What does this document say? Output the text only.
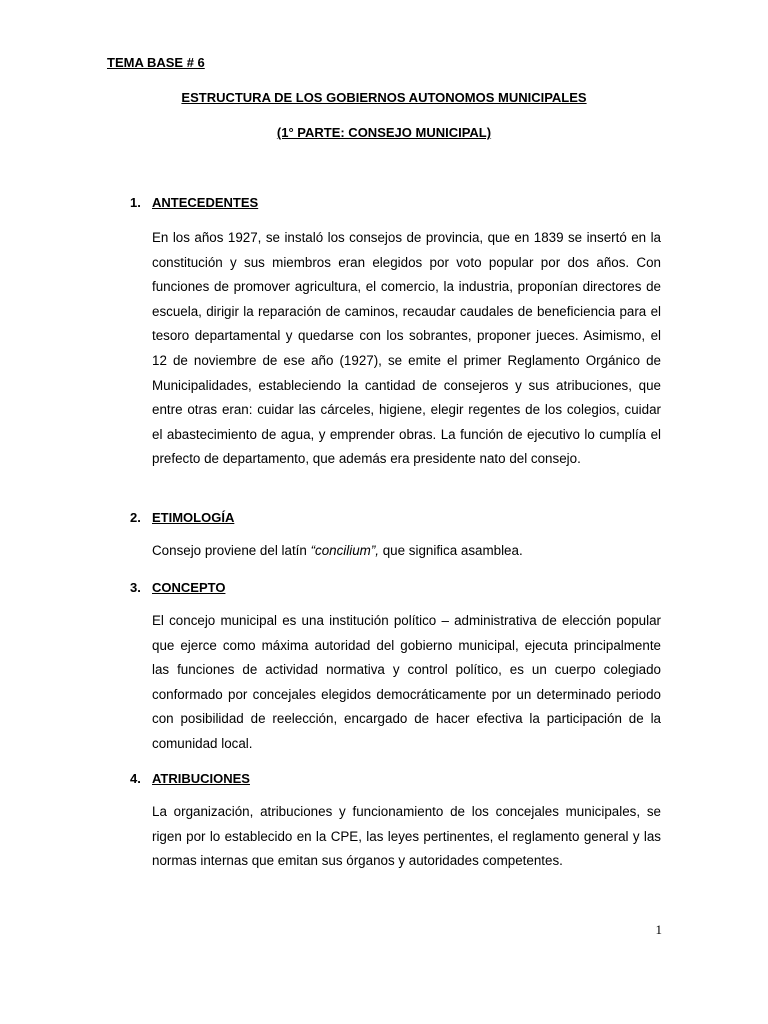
TEMA BASE # 6

ESTRUCTURA DE LOS GOBIERNOS AUTONOMOS MUNICIPALES

(1° PARTE: CONSEJO MUNICIPAL)

1. ANTECEDENTES

En los años 1927, se instaló los consejos de provincia, que en 1839 se insertó en la constitución y sus miembros eran elegidos por voto popular por dos años. Con funciones de promover agricultura, el comercio, la industria, proponían directores de escuela, dirigir la reparación de caminos, recaudar caudales de beneficiencia para el tesoro departamental y quedarse con los sobrantes, proponer jueces. Asimismo, el 12 de noviembre de ese año (1927), se emite el primer Reglamento Orgánico de Municipalidades, estableciendo la cantidad de consejeros y sus atribuciones, que entre otras eran: cuidar las cárceles, higiene, elegir regentes de los colegios, cuidar el abastecimiento de agua, y emprender obras. La función de ejecutivo lo cumplía el prefecto de departamento, que además era presidente nato del consejo.

2. ETIMOLOGÍA

Consejo proviene del latín “concilium”, que significa asamblea.

3. CONCEPTO

El concejo municipal es una institución político – administrativa de elección popular que ejerce como máxima autoridad del gobierno municipal, ejecuta principalmente las funciones de actividad normativa y control político, es un cuerpo colegiado conformado por concejales elegidos democráticamente por un determinado periodo con posibilidad de reelección, encargado de hacer efectiva la participación de la comunidad local.

4. ATRIBUCIONES

La organización, atribuciones y funcionamiento de los concejales municipales, se rigen por lo establecido en la CPE, las leyes pertinentes, el reglamento general y las normas internas que emitan sus órganos y autoridades competentes.

1
